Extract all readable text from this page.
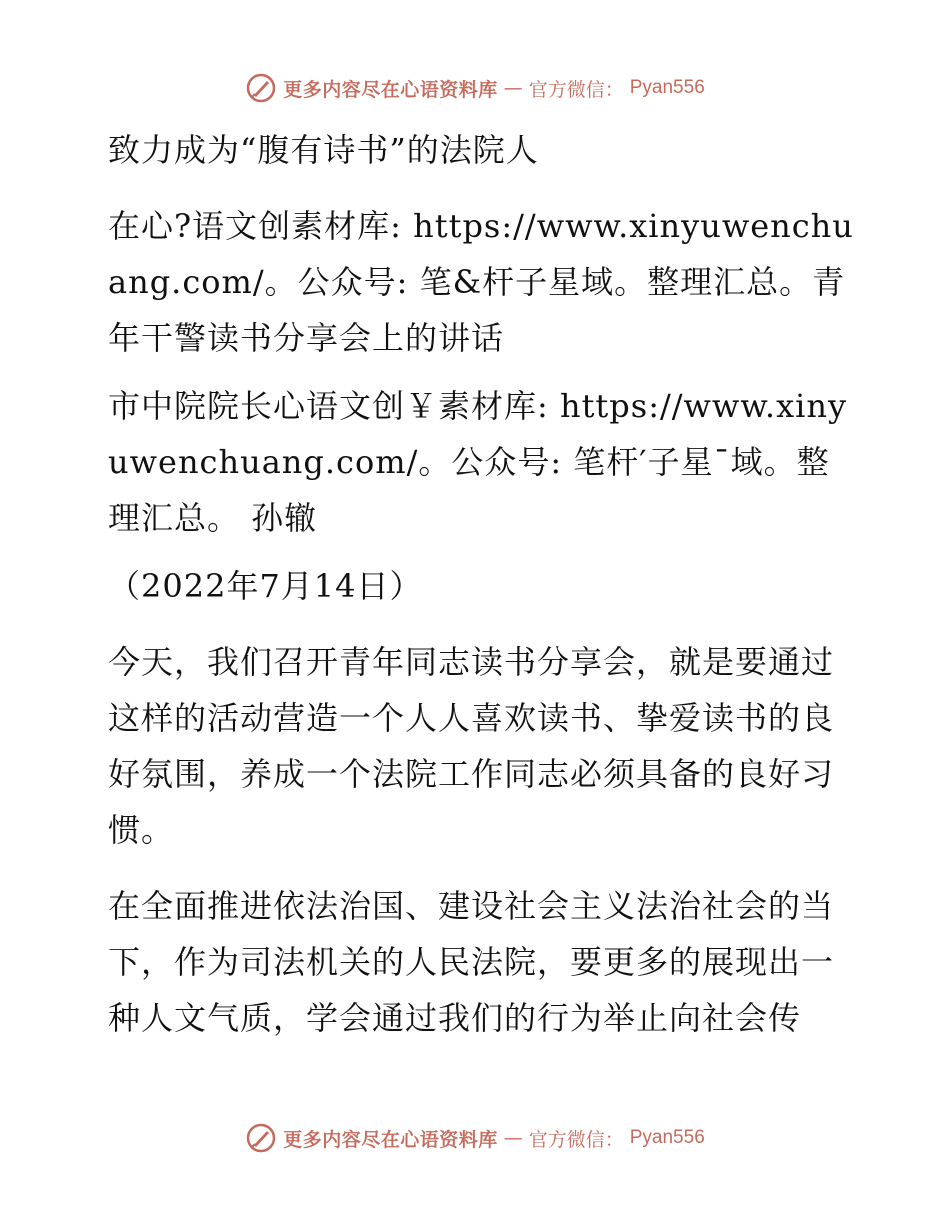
更多内容尽在心语资料库 — 官方微信： Pyan556

致力成为“腹有诗书”的法院人

在心?语文创素材库: https://www.xinyuwenchuang.com/。公众号: 笔&杆子星域。整理汇总。青年干警读书分享会上的讲话

市中院院长心语文创￥素材库: https://www.xinyuwenchuang.com/。公众号: 笔杆′子星¯域。整理汇总。 孙辙

（2022年7月14日）

今天，我们召开青年同志读书分享会，就是要通过这样的活动营造一个人人喜欢读书、挚爱读书的良好氛围，养成一个法院工作同志必须具备的良好习惯。

在全面推进依法治国、建设社会主义法治社会的当下，作为司法机关的人民法院，要更多的展现出一种人文气质，学会通过我们的行为举止向社会传

更多内容尽在心语资料库 — 官方微信： Pyan556
